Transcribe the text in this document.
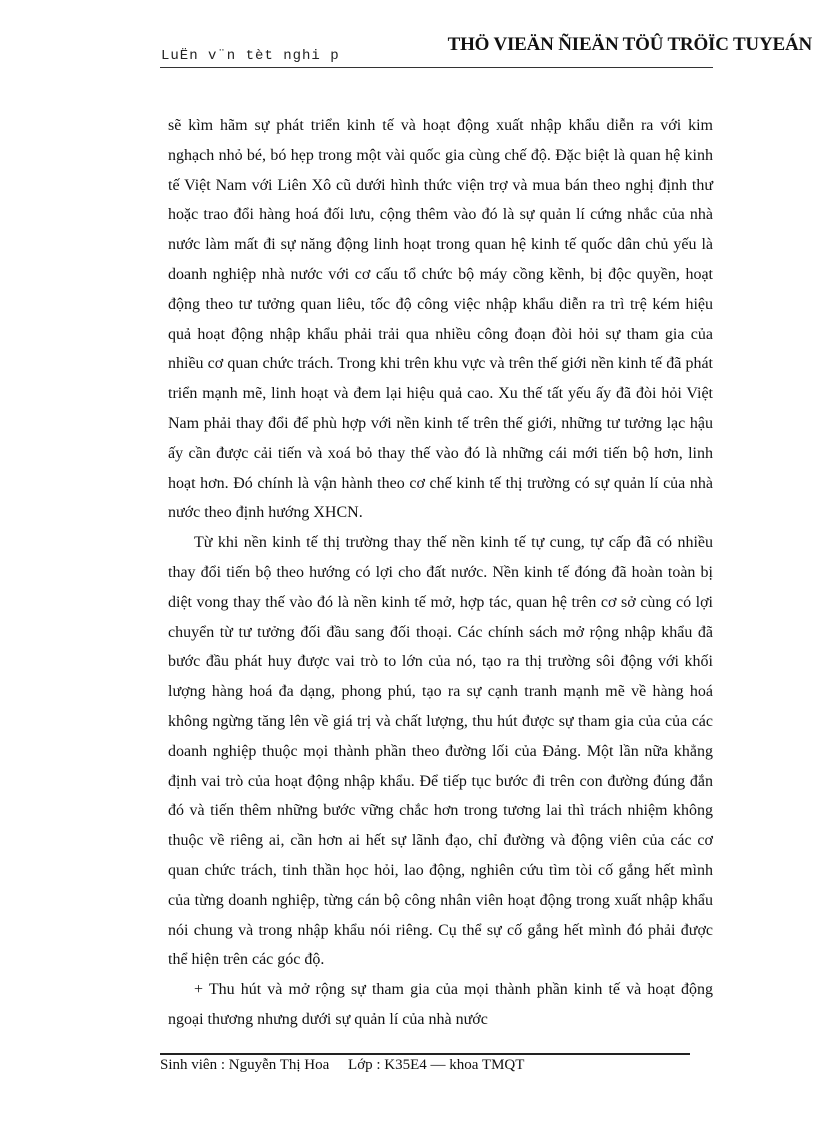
LuËn v¨n tèt nghi p
THÖ VIEÄN ÑIEÄN TÖÛ TRÖÏC TUYEÁN

sẽ kìm hãm sự phát triển kinh tế và hoạt động xuất nhập khẩu diễn ra với kim nghạch nhỏ bé, bó hẹp trong một vài quốc gia cùng chế độ. Đặc biệt là quan hệ kinh tế Việt Nam với Liên Xô cũ dưới hình thức viện trợ và mua bán theo nghị định thư hoặc trao đổi hàng hoá đối lưu, cộng thêm vào đó là sự quản lí cứng nhắc của nhà nước làm mất đi sự năng động linh hoạt trong quan hệ kinh tế quốc dân chủ yếu là doanh nghiệp nhà nước với cơ cấu tổ chức bộ máy cồng kềnh, bị độc quyền, hoạt động theo tư tưởng quan liêu, tốc độ công việc nhập khẩu diễn ra trì trệ kém hiệu quả hoạt động nhập khẩu phải trải qua nhiều công đoạn đòi hỏi sự tham gia của nhiều cơ quan chức trách. Trong khi trên khu vực và trên thế giới nền kinh tế đã phát triển mạnh mẽ, linh hoạt và đem lại hiệu quả cao. Xu thế tất yếu ấy đã đòi hỏi Việt Nam phải thay đổi để phù hợp với nền kinh tế trên thế giới, những tư tưởng lạc hậu ấy cần được cải tiến và xoá bỏ thay thế vào đó là những cái mới tiến bộ hơn, linh hoạt hơn. Đó chính là vận hành theo cơ chế kinh tế thị trường có sự quản lí của nhà nước theo định hướng XHCN.

Từ khi nền kinh tế thị trường thay thế nền kinh tế tự cung, tự cấp đã có nhiều thay đổi tiến bộ theo hướng có lợi cho đất nước. Nền kinh tế đóng đã hoàn toàn bị diệt vong thay thế vào đó là nền kinh tế mở, hợp tác, quan hệ trên cơ sở cùng có lợi chuyển từ tư tưởng đối đầu sang đối thoại. Các chính sách mở rộng nhập khẩu đã bước đầu phát huy được vai trò to lớn của nó, tạo ra thị trường sôi động với khối lượng hàng hoá đa dạng, phong phú, tạo ra sự cạnh tranh mạnh mẽ về hàng hoá không ngừng tăng lên về giá trị và chất lượng, thu hút được sự tham gia của của các doanh nghiệp thuộc mọi thành phần theo đường lối của Đảng. Một lần nữa khẳng định vai trò của hoạt động nhập khẩu. Để tiếp tục bước đi trên con đường đúng đắn đó và tiến thêm những bước vững chắc hơn trong tương lai thì trách nhiệm không thuộc về riêng ai, cần hơn ai hết sự lãnh đạo, chỉ đường và động viên của các cơ quan chức trách, tinh thần học hỏi, lao động, nghiên cứu tìm tòi cố gắng hết mình của từng doanh nghiệp, từng cán bộ công nhân viên hoạt động trong xuất nhập khẩu nói chung và trong nhập khẩu nói riêng. Cụ thể sự cố gắng hết mình đó phải được thể hiện trên các góc độ.

+ Thu hút và mở rộng sự tham gia của mọi thành phần kinh tế và hoạt động ngoại thương nhưng dưới sự quản lí của nhà nước

Sinh viên : Nguyễn Thị Hoa     Lớp : K35E4 — khoa TMQT
